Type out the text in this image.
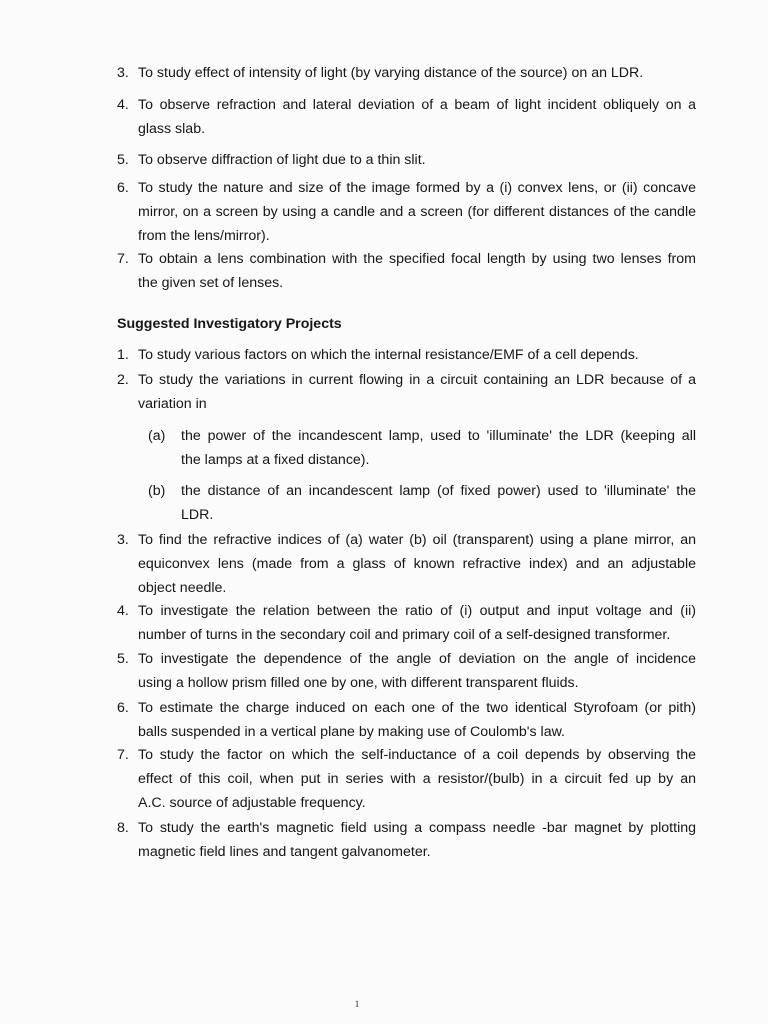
3. To study effect of intensity of light (by varying distance of the source) on an LDR.
4. To observe refraction and lateral deviation of a beam of light incident obliquely on a
glass slab.
5. To observe diffraction of light due to a thin slit.
6. To study the nature and size of the image formed by a (i) convex lens, or (ii) concave
mirror, on a screen by using a candle and a screen (for different distances of the candle
from the lens/mirror).
7. To obtain a lens combination with the specified focal length by using two lenses from
the given set of lenses.
Suggested Investigatory Projects
1. To study various factors on which the internal resistance/EMF of a cell depends.
2. To study the variations in current flowing in a circuit containing an LDR because of a
variation in
(a) the power of the incandescent lamp, used to 'illuminate' the LDR (keeping all
the lamps at a fixed distance).
(b) the distance of an incandescent lamp (of fixed power) used to 'illuminate' the
LDR.
3. To find the refractive indices of (a) water (b) oil (transparent) using a plane mirror, an
equiconvex lens (made from a glass of known refractive index) and an adjustable
object needle.
4. To investigate the relation between the ratio of (i) output and input voltage and (ii)
number of turns in the secondary coil and primary coil of a self-designed transformer.
5. To investigate the dependence of the angle of deviation on the angle of incidence
using a hollow prism filled one by one, with different transparent fluids.
6. To estimate the charge induced on each one of the two identical Styrofoam (or pith)
balls suspended in a vertical plane by making use of Coulomb's law.
7. To study the factor on which the self-inductance of a coil depends by observing the
effect of this coil, when put in series with a resistor/(bulb) in a circuit fed up by an
A.C. source of adjustable frequency.
8. To study the earth's magnetic field using a compass needle -bar magnet by plotting
magnetic field lines and tangent galvanometer.
1
